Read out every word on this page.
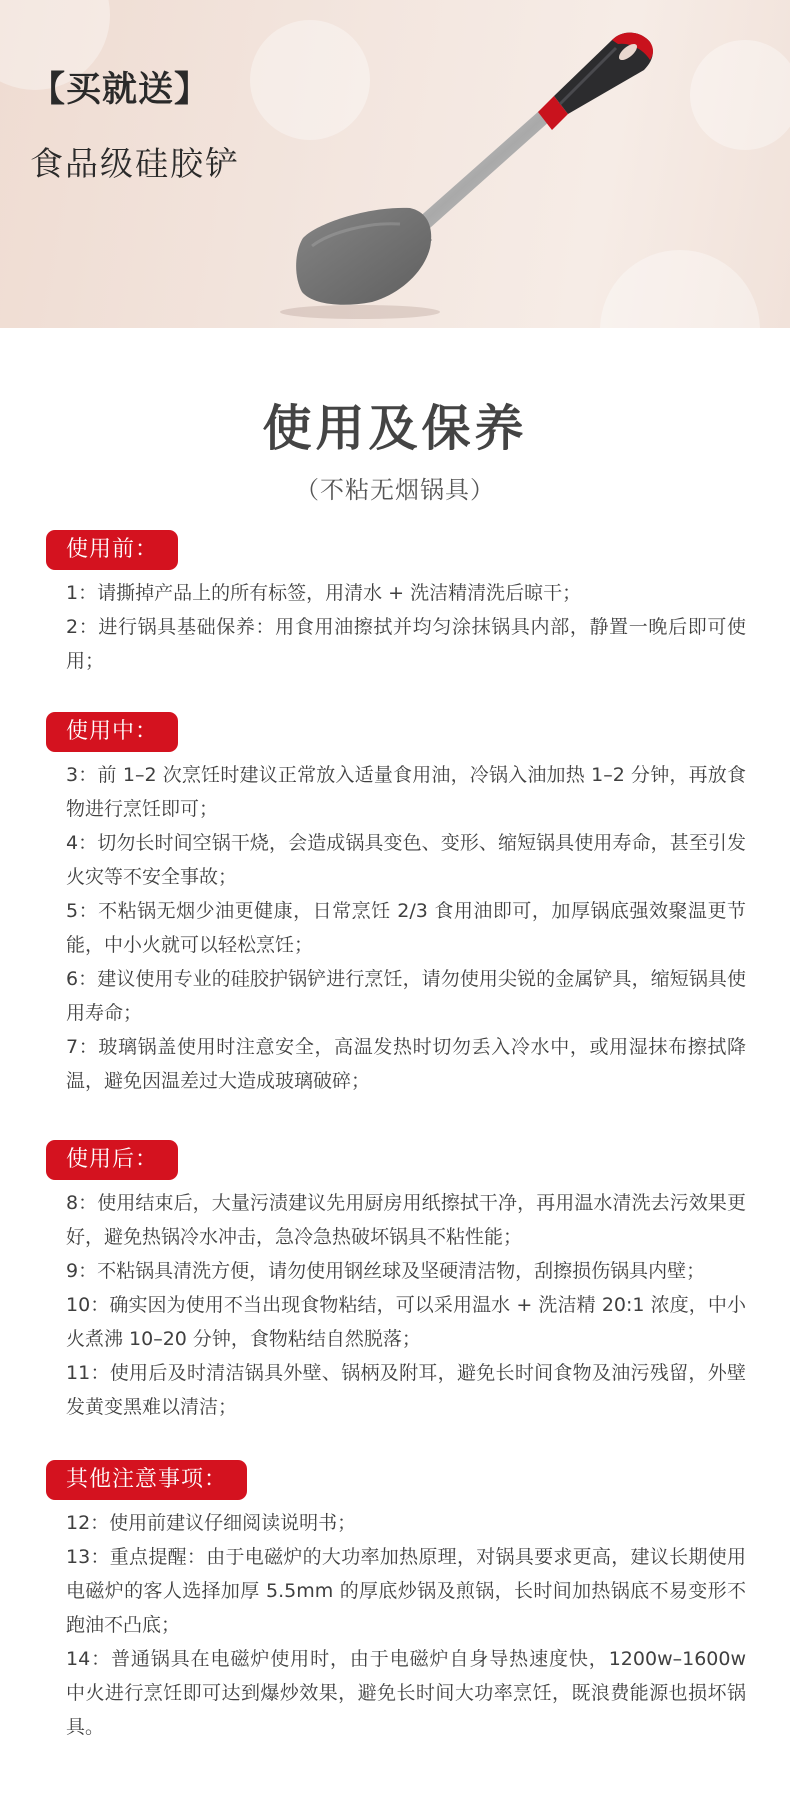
【买就送】
食品级硅胶铲
使用及保养
（不粘无烟锅具）
使用前：
1：请撕掉产品上的所有标签，用清水 + 洗洁精清洗后晾干；
2：进行锅具基础保养：用食用油擦拭并均匀涂抹锅具内部，静置一晚后即可使用；
使用中：
3：前 1–2 次烹饪时建议正常放入适量食用油，冷锅入油加热 1–2 分钟，再放食物进行烹饪即可；
4：切勿长时间空锅干烧，会造成锅具变色、变形、缩短锅具使用寿命，甚至引发火灾等不安全事故；
5：不粘锅无烟少油更健康，日常烹饪 2/3 食用油即可，加厚锅底强效聚温更节能，中小火就可以轻松烹饪；
6：建议使用专业的硅胶护锅铲进行烹饪，请勿使用尖锐的金属铲具，缩短锅具使用寿命；
7：玻璃锅盖使用时注意安全，高温发热时切勿丢入冷水中，或用湿抹布擦拭降温，避免因温差过大造成玻璃破碎；
使用后：
8：使用结束后，大量污渍建议先用厨房用纸擦拭干净，再用温水清洗去污效果更好，避免热锅冷水冲击，急冷急热破坏锅具不粘性能；
9：不粘锅具清洗方便，请勿使用钢丝球及坚硬清洁物，刮擦损伤锅具内壁；
10：确实因为使用不当出现食物粘结，可以采用温水 + 洗洁精 20:1 浓度，中小火煮沸 10–20 分钟，食物粘结自然脱落；
11：使用后及时清洁锅具外壁、锅柄及附耳，避免长时间食物及油污残留，外壁发黄变黑难以清洁；
其他注意事项：
12：使用前建议仔细阅读说明书；
13：重点提醒：由于电磁炉的大功率加热原理，对锅具要求更高，建议长期使用电磁炉的客人选择加厚 5.5mm 的厚底炒锅及煎锅，长时间加热锅底不易变形不跑油不凸底；
14：普通锅具在电磁炉使用时，由于电磁炉自身导热速度快，1200w–1600w 中火进行烹饪即可达到爆炒效果，避免长时间大功率烹饪，既浪费能源也损坏锅具。
